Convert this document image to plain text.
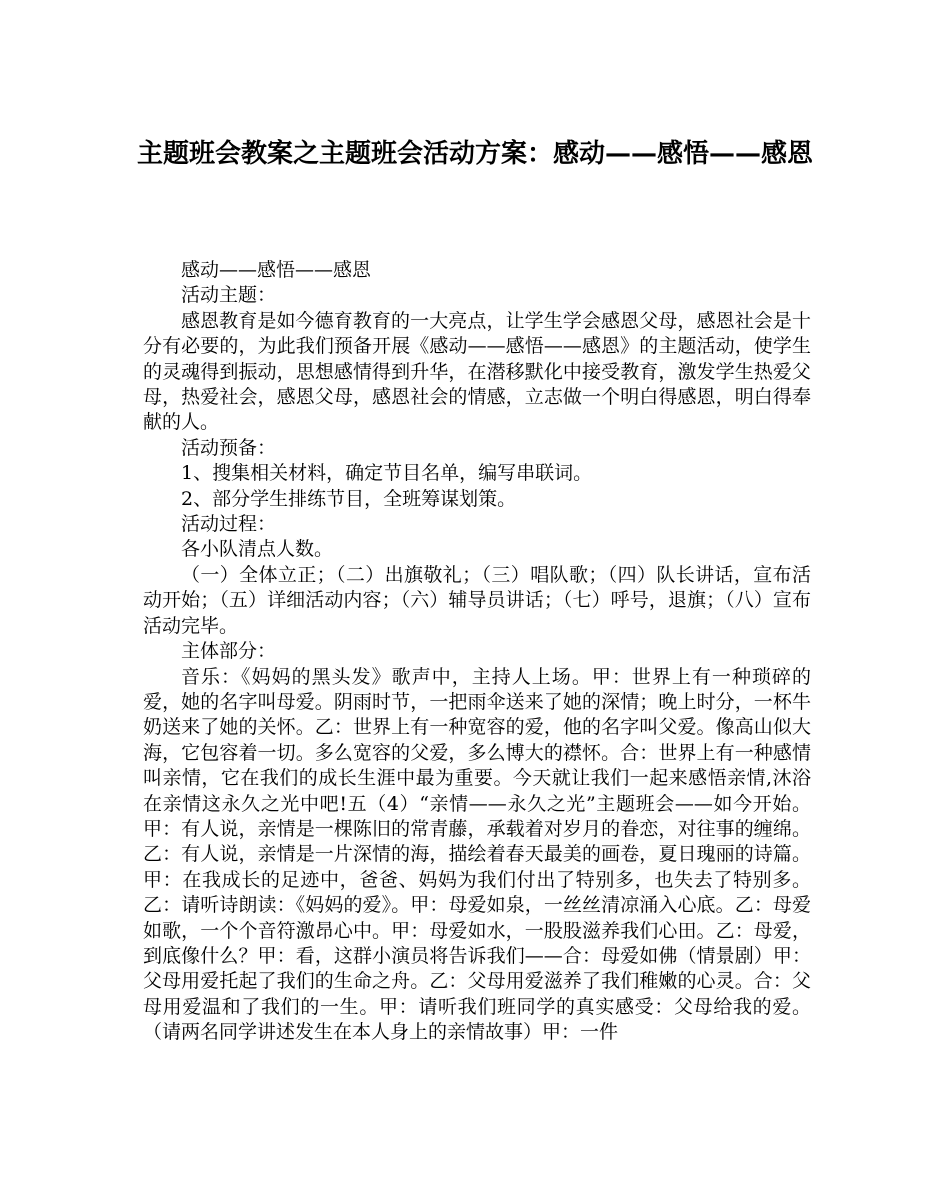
主题班会教案之主题班会活动方案：感动——感悟——感恩

感动——感悟——感恩

活动主题：

感恩教育是如今德育教育的一大亮点，让学生学会感恩父母，感恩社会是十分有必要的，为此我们预备开展《感动——感悟——感恩》的主题活动，使学生的灵魂得到振动，思想感情得到升华，在潜移默化中接受教育，激发学生热爱父母，热爱社会，感恩父母，感恩社会的情感，立志做一个明白得感恩，明白得奉献的人。

活动预备：

1、搜集相关材料，确定节目名单，编写串联词。

2、部分学生排练节目，全班筹谋划策。

活动过程：

各小队清点人数。

（一）全体立正；（二）出旗敬礼；（三）唱队歌；（四）队长讲话，宣布活动开始；（五）详细活动内容；（六）辅导员讲话；（七）呼号，退旗；（八）宣布活动完毕。

主体部分：

音乐：《妈妈的黑头发》歌声中，主持人上场。甲：世界上有一种琐碎的爱，她的名字叫母爱。阴雨时节，一把雨伞送来了她的深情；晚上时分，一杯牛奶送来了她的关怀。乙：世界上有一种宽容的爱，他的名字叫父爱。像高山似大海，它包容着一切。多么宽容的父爱，多么博大的襟怀。合：世界上有一种感情叫亲情，它在我们的成长生涯中最为重要。今天就让我们一起来感悟亲情,沐浴在亲情这永久之光中吧!五（4）“亲情——永久之光”主题班会——如今开始。甲：有人说，亲情是一棵陈旧的常青藤，承载着对岁月的眷恋，对往事的缠绵。乙：有人说，亲情是一片深情的海，描绘着春天最美的画卷，夏日瑰丽的诗篇。甲：在我成长的足迹中，爸爸、妈妈为我们付出了特别多，也失去了特别多。乙：请听诗朗读：《妈妈的爱》。甲：母爱如泉，一丝丝清凉涌入心底。乙：母爱如歌，一个个音符激昂心中。甲：母爱如水，一股股滋养我们心田。乙：母爱，到底像什么？甲：看，这群小演员将告诉我们——合：母爱如佛（情景剧）甲：父母用爱托起了我们的生命之舟。乙：父母用爱滋养了我们稚嫩的心灵。合：父母用爱温和了我们的一生。甲：请听我们班同学的真实感受：父母给我的爱。（请两名同学讲述发生在本人身上的亲情故事）甲：一件
